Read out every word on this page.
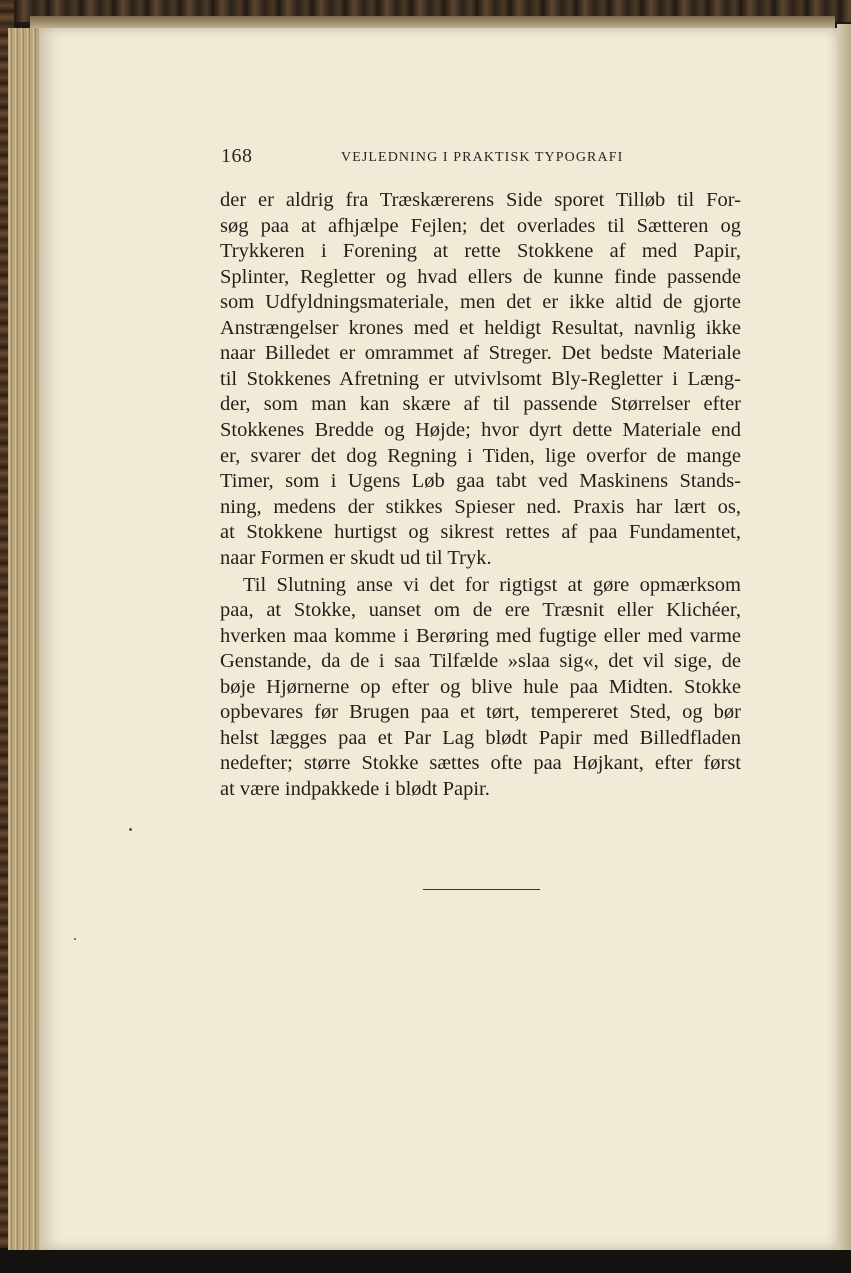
168	VEJLEDNING I PRAKTISK TYPOGRAFI
der er aldrig fra Træskærerens Side sporet Tilløb til For-
søg paa at afhjælpe Fejlen; det overlades til Sætteren og
Trykkeren i Forening at rette Stokkene af med Papir,
Splinter, Regletter og hvad ellers de kunne finde passende
som Udfyldningsmateriale, men det er ikke altid de gjorte
Anstrængelser krones med et heldigt Resultat, navnlig ikke
naar Billedet er omrammet af Streger. Det bedste Materiale
til Stokkenes Afretning er utvivlsomt Bly-Regletter i Læng-
der, som man kan skære af til passende Størrelser efter
Stokkenes Bredde og Højde; hvor dyrt dette Materiale end
er, svarer det dog Regning i Tiden, lige overfor de mange
Timer, som i Ugens Løb gaa tabt ved Maskinens Stands-
ning, medens der stikkes Spieser ned. Praxis har lært os,
at Stokkene hurtigst og sikrest rettes af paa Fundamentet,
naar Formen er skudt ud til Tryk.
Til Slutning anse vi det for rigtigst at gøre opmærksom
paa, at Stokke, uanset om de ere Træsnit eller Klichéer,
hverken maa komme i Berøring med fugtige eller med varme
Genstande, da de i saa Tilfælde »slaa sig«, det vil sige, de
bøje Hjørnerne op efter og blive hule paa Midten. Stokke
opbevares før Brugen paa et tørt, tempereret Sted, og bør
helst lægges paa et Par Lag blødt Papir med Billedfladen
nedefter; større Stokke sættes ofte paa Højkant, efter først
at være indpakkede i blødt Papir.
